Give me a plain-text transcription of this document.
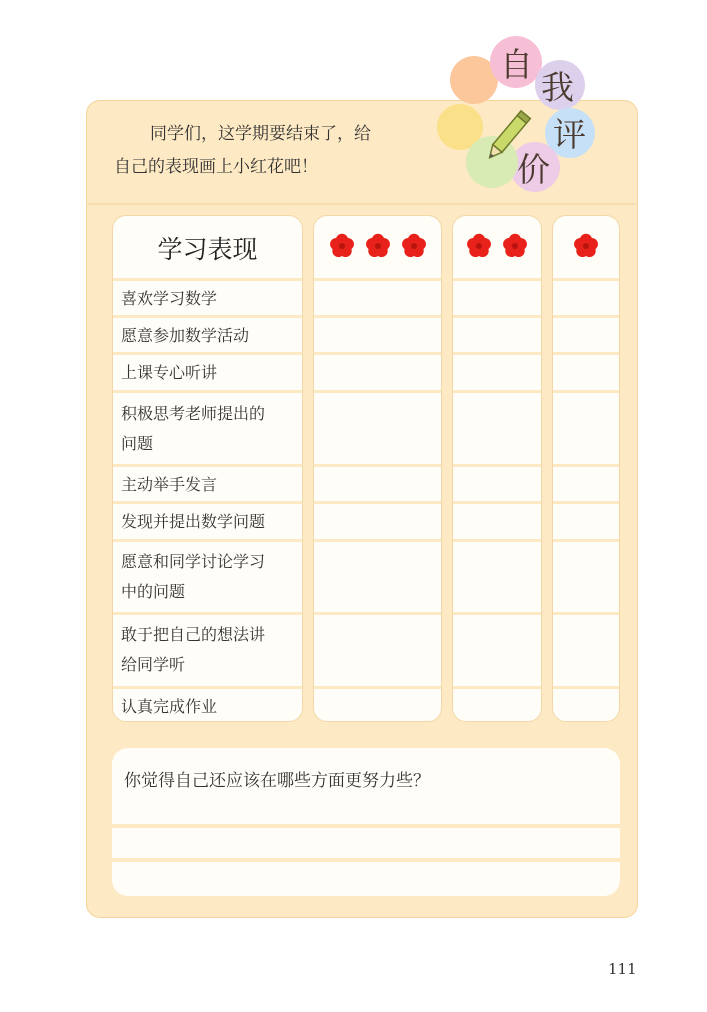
同学们，这学期要结束了，给
自己的表现画上小红花吧！
自
我
评
价
学习表现
喜欢学习数学
愿意参加数学活动
上课专心听讲
积极思考老师提出的
问题
主动举手发言
发现并提出数学问题
愿意和同学讨论学习
中的问题
敢于把自己的想法讲
给同学听
认真完成作业
你觉得自己还应该在哪些方面更努力些？
111
